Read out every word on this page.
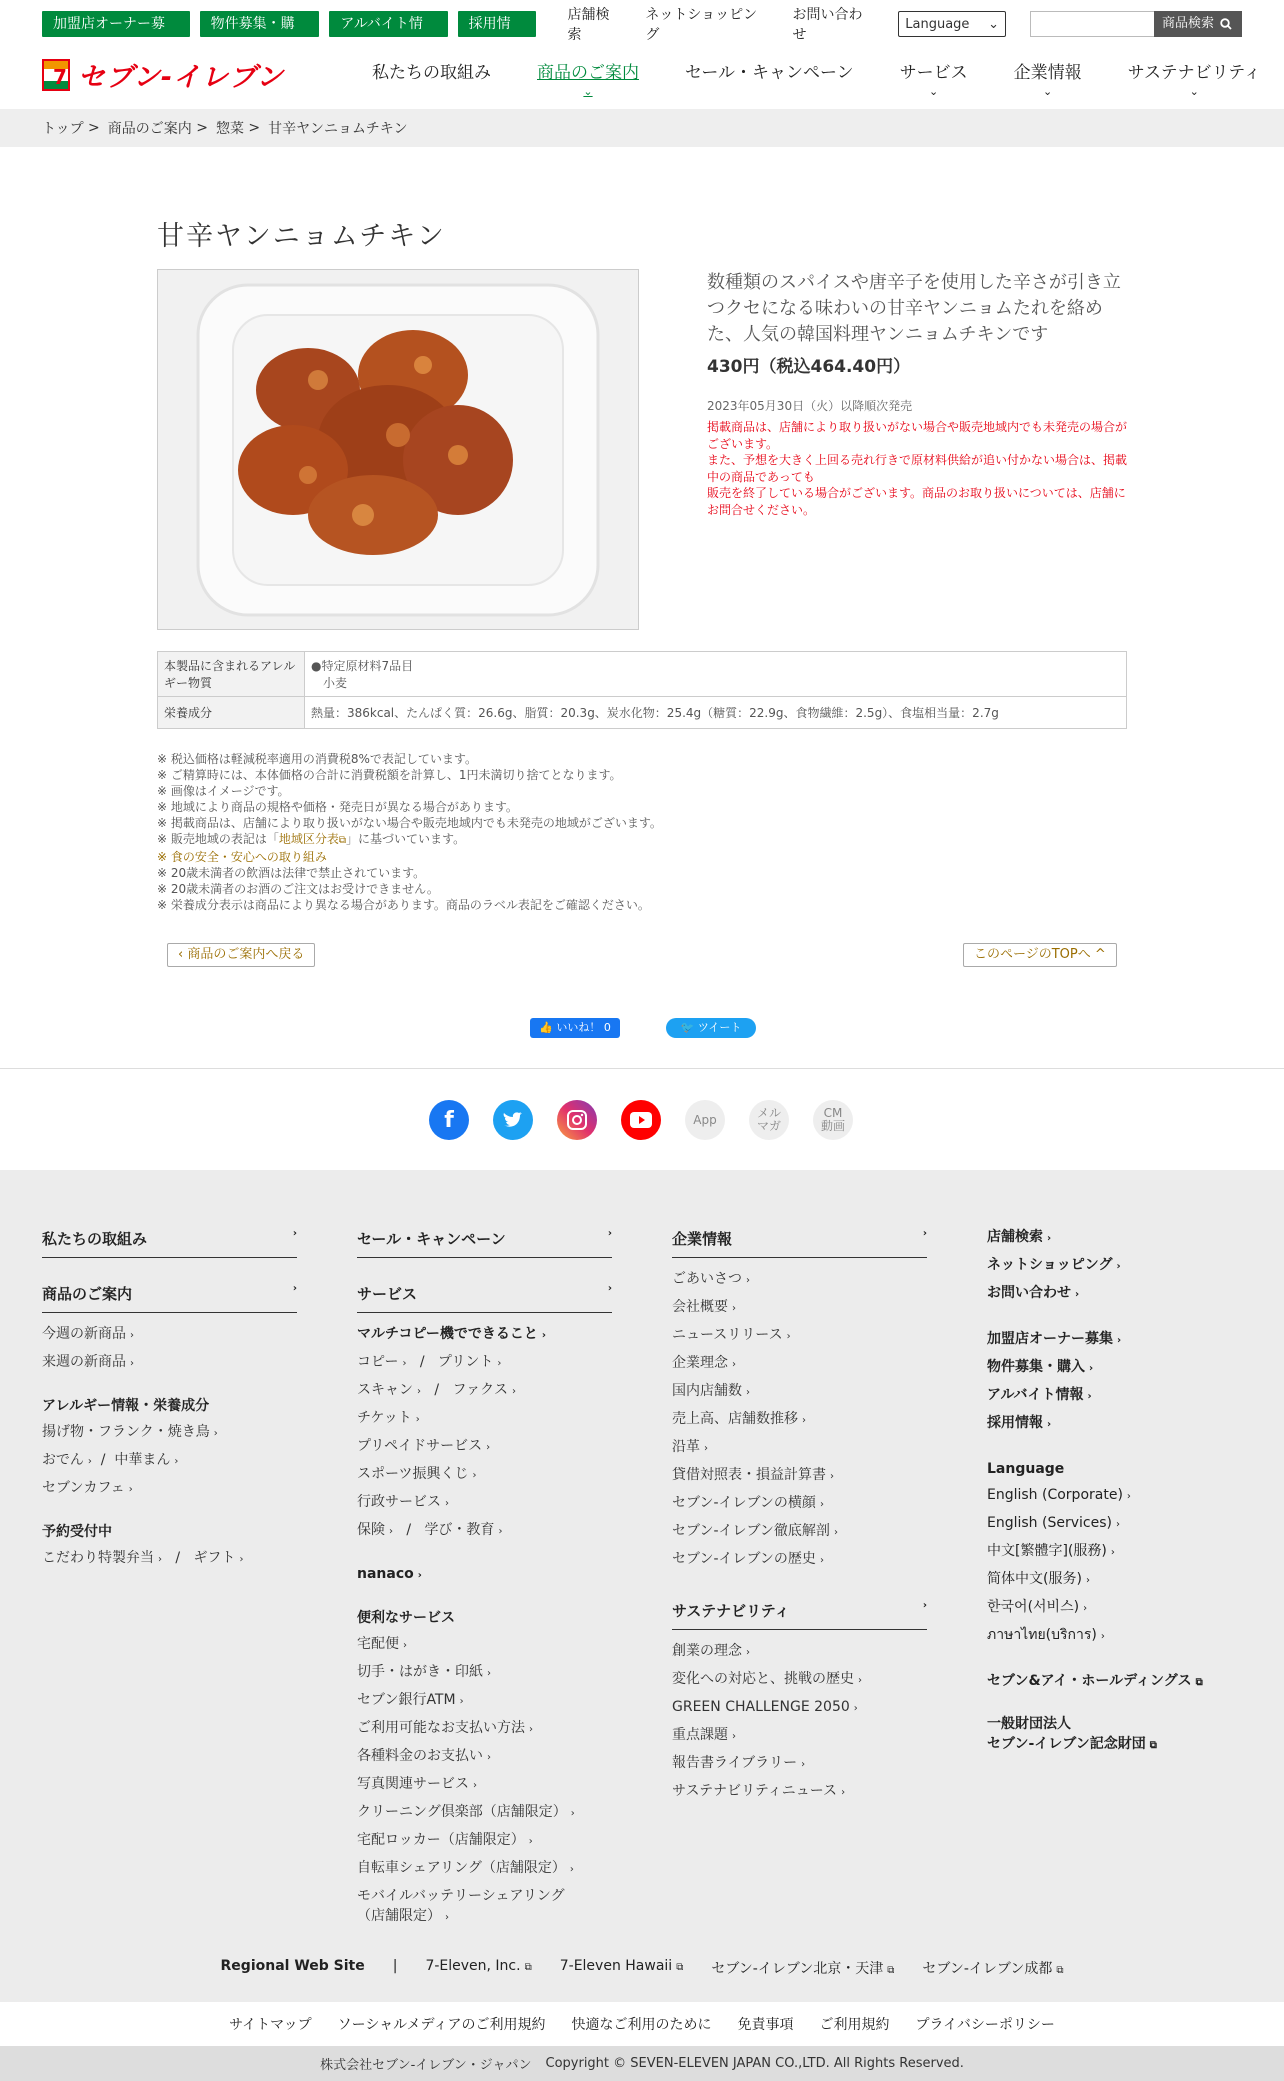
加盟店オーナー募集
物件募集・購入
アルバイト情報
採用情報
店舗検索
ネットショッピング
お問い合わせ
Language ⌄	商品検索
7 セブン-イレブン	私たちの取組み	商品のご案内
⌄
セール・キャンペーン	サービス
⌄
企業情報
⌄
サステナビリティ
⌄
トップ > 商品のご案内 > 惣菜 > 甘辛ヤンニョムチキン
甘辛ヤンニョムチキン

数種類のスパイスや唐辛子を使用した辛さが引き立つクセになる味わいの甘辛ヤンニョムたれを絡めた、人気の韓国料理ヤンニョムチキンです

430円（税込464.40円）

2023年05月30日（火）以降順次発売

掲載商品は、店舗により取り扱いがない場合や販売地域内でも未発売の場合がございます。
また、予想を大きく上回る売れ行きで原材料供給が追い付かない場合は、掲載中の商品であっても
販売を終了している場合がございます。商品のお取り扱いについては、店舗にお問合せください。
本製品に含まれるアレルギー物質	●特定原材料7品目
小麦

栄養成分	熱量：386kcal、たんぱく質：26.6g、脂質：20.3g、炭水化物：25.4g（糖質：22.9g、食物繊維：2.5g）、食塩相当量：2.7g
※ 税込価格は軽減税率適用の消費税8%で表記しています。
※ ご精算時には、本体価格の合計に消費税額を計算し、1円未満切り捨てとなります。
※ 画像はイメージです。
※ 地域により商品の規格や価格・発売日が異なる場合があります。
※ 掲載商品は、店舗により取り扱いがない場合や販売地域内でも未発売の地域がございます。
※ 販売地域の表記は「地域区分表⧉」に基づいています。
※ 食の安全・安心への取り組み
※ 20歳未満者の飲酒は法律で禁止されています。
※ 20歳未満者のお酒のご注文はお受けできません。
※ 栄養成分表示は商品により異なる場合があります。商品のラベル表記をご確認ください。
‹ 商品のご案内へ戻る	このページのTOPへ ^
👍 いいね！ 0	🐦 ツイート
f	App	メル
マガ
CM
動画
私たちの取組み	›
商品のご案内	›
今週の新商品 ›
来週の新商品 ›
アレルギー情報・栄養成分
揚げ物・フランク・焼き鳥 ›
おでん › / 中華まん ›
セブンカフェ ›
予約受付中
こだわり特製弁当 › / ギフト ›
セール・キャンペーン	›
サービス	›
マルチコピー機でできること ›
コピー › / プリント ›
スキャン › / ファクス ›
チケット ›
プリペイドサービス ›
スポーツ振興くじ ›
行政サービス ›
保険 › / 学び・教育 ›
nanaco ›
便利なサービス
宅配便 ›
切手・はがき・印紙 ›
セブン銀行ATM ›
ご利用可能なお支払い方法 ›
各種料金のお支払い ›
写真関連サービス ›
クリーニング倶楽部（店舗限定） ›
宅配ロッカー（店舗限定） ›
自転車シェアリング（店舗限定） ›
モバイルバッテリーシェアリング
（店舗限定） ›
企業情報	›
ごあいさつ ›
会社概要 ›
ニュースリリース ›
企業理念 ›
国内店舗数 ›
売上高、店舗数推移 ›
沿革 ›
貸借対照表・損益計算書 ›
セブン-イレブンの横顔 ›
セブン-イレブン徹底解剖 ›
セブン-イレブンの歴史 ›
サステナビリティ	›
創業の理念 ›
変化への対応と、挑戦の歴史 ›
GREEN CHALLENGE 2050 ›
重点課題 ›
報告書ライブラリー ›
サステナビリティニュース ›
店舗検索 ›
ネットショッピング ›
お問い合わせ ›
加盟店オーナー募集 ›
物件募集・購入 ›
アルバイト情報 ›
採用情報 ›
Language
English (Corporate) ›
English (Services) ›
中文[繁體字](服務) ›
简体中文(服务) ›
한국어(서비스) ›
ภาษาไทย(บริการ) ›
セブン&アイ・ホールディングス ⧉
一般財団法人
セブン-イレブン記念財団 ⧉
Regional Web Site | 7-Eleven, Inc. ⧉ 7-Eleven Hawaii ⧉ セブン-イレブン北京・天津 ⧉ セブン-イレブン成都 ⧉
サイトマップ ソーシャルメディアのご利用規約 快適なご利用のために 免責事項 ご利用規約 プライバシーポリシー
株式会社セブン-イレブン・ジャパン Copyright © SEVEN-ELEVEN JAPAN CO.,LTD. All Rights Reserved.
